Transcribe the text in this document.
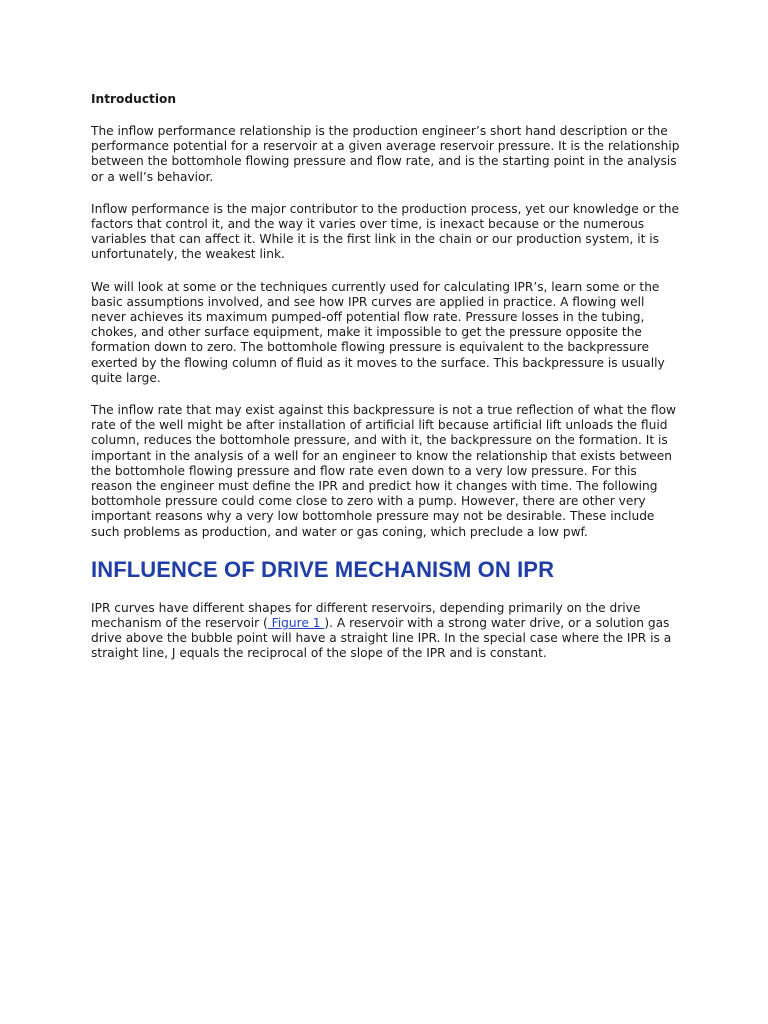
Introduction

The inflow performance relationship is the production engineer’s short hand description or the performance potential for a reservoir at a given average reservoir pressure. It is the relationship between the bottomhole flowing pressure and flow rate, and is the starting point in the analysis or a well’s behavior.

Inflow performance is the major contributor to the production process, yet our knowledge or the factors that control it, and the way it varies over time, is inexact because or the numerous variables that can affect it. While it is the first link in the chain or our production system, it is unfortunately, the weakest link.

We will look at some or the techniques currently used for calculating IPR’s, learn some or the basic assumptions involved, and see how IPR curves are applied in practice. A flowing well never achieves its maximum pumped-off potential flow rate. Pressure losses in the tubing, chokes, and other surface equipment, make it impossible to get the pressure opposite the formation down to zero. The bottomhole flowing pressure is equivalent to the backpressure exerted by the flowing column of fluid as it moves to the surface. This backpressure is usually quite large.

The inflow rate that may exist against this backpressure is not a true reflection of what the flow rate of the well might be after installation of artificial lift because artificial lift unloads the fluid column, reduces the bottomhole pressure, and with it, the backpressure on the formation. It is important in the analysis of a well for an engineer to know the relationship that exists between the bottomhole flowing pressure and flow rate even down to a very low pressure. For this reason the engineer must define the IPR and predict how it changes with time. The following bottomhole pressure could come close to zero with a pump. However, there are other very important reasons why a very low bottomhole pressure may not be desirable. These include such problems as production, and water or gas coning, which preclude a low pwf.

INFLUENCE OF DRIVE MECHANISM ON IPR

IPR curves have different shapes for different reservoirs, depending primarily on the drive mechanism of the reservoir ( Figure 1 ). A reservoir with a strong water drive, or a solution gas drive above the bubble point will have a straight line IPR. In the special case where the IPR is a straight line, J equals the reciprocal of the slope of the IPR and is constant.
